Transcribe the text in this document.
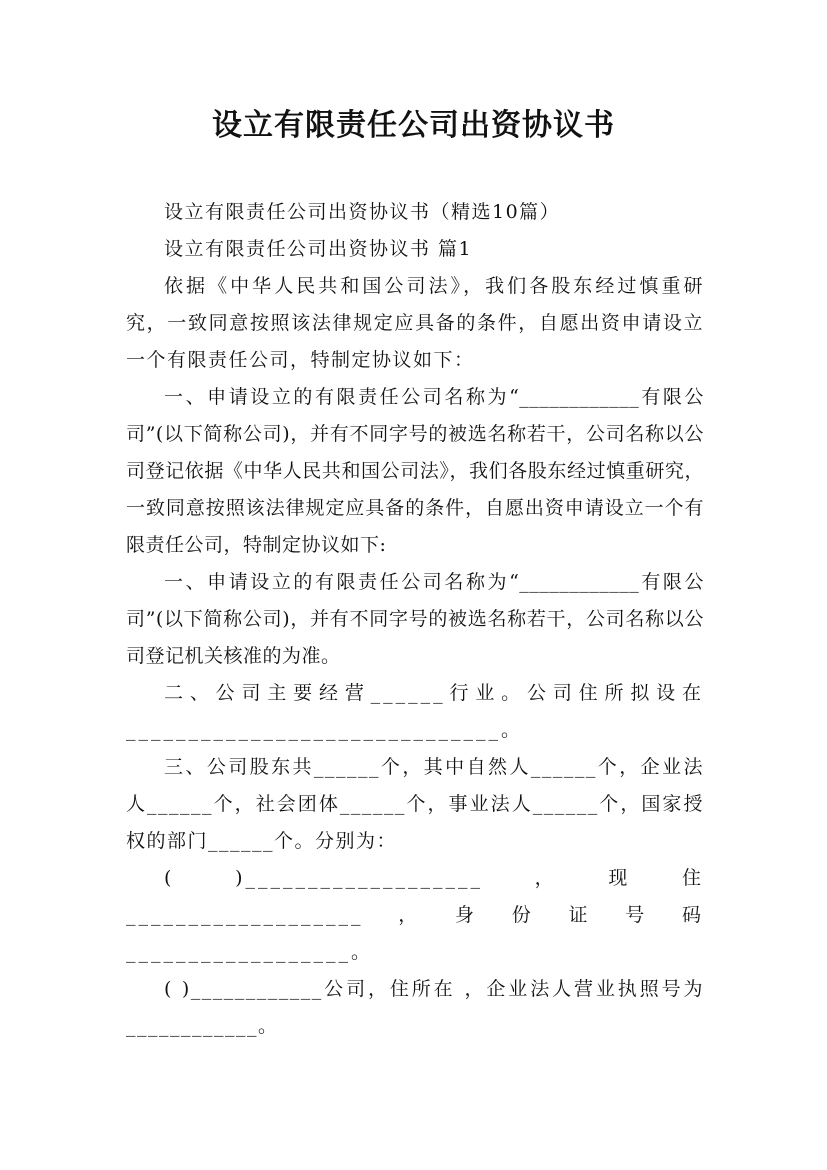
设立有限责任公司出资协议书

设立有限责任公司出资协议书（精选10篇）

设立有限责任公司出资协议书 篇1

依据《中华人民共和国公司法》，我们各股东经过慎重研究，一致同意按照该法律规定应具备的条件，自愿出资申请设立一个有限责任公司，特制定协议如下：

一、申请设立的有限责任公司名称为“____________有限公司”(以下简称公司)，并有不同字号的被选名称若干，公司名称以公司登记依据《中华人民共和国公司法》，我们各股东经过慎重研究，一致同意按照该法律规定应具备的条件，自愿出资申请设立一个有限责任公司，特制定协议如下:

一、申请设立的有限责任公司名称为“____________有限公司”(以下简称公司)，并有不同字号的被选名称若干，公司名称以公司登记机关核准的为准。

二、公司主要经营______行业。公司住所拟设在______________________________。

三、公司股东共______个，其中自然人______个，企业法人______个，社会团体______个，事业法人______个，国家授权的部门______个。分别为：

( )___________________，现住___________________，身份证号码__________________。

( )____________公司，住所在 ，企业法人营业执照号为____________。
